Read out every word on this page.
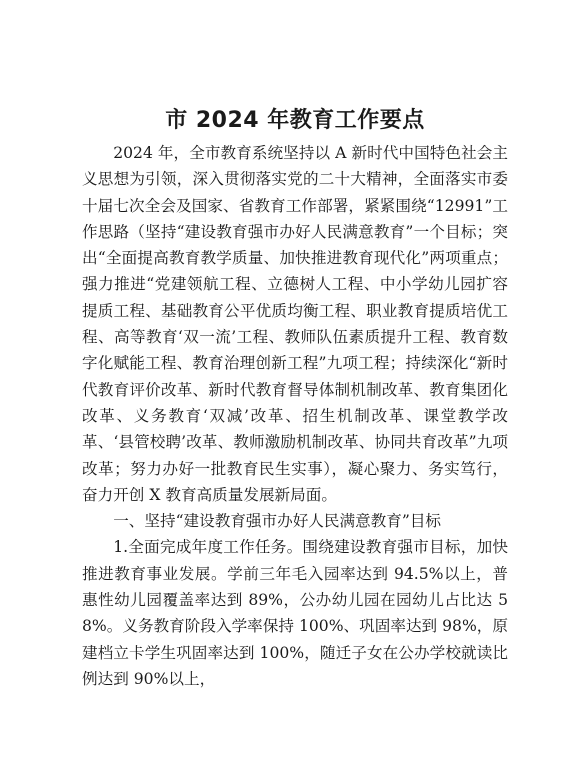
市 2024 年教育工作要点

2024 年，全市教育系统坚持以 A 新时代中国特色社会主义思想为引领，深入贯彻落实党的二十大精神，全面落实市委十届七次全会及国家、省教育工作部署，紧紧围绕“12991”工作思路（坚持“建设教育强市办好人民满意教育”一个目标；突出“全面提高教育教学质量、加快推进教育现代化”两项重点；强力推进“党建领航工程、立德树人工程、中小学幼儿园扩容提质工程、基础教育公平优质均衡工程、职业教育提质培优工程、高等教育‘双一流’工程、教师队伍素质提升工程、教育数字化赋能工程、教育治理创新工程”九项工程；持续深化“新时代教育评价改革、新时代教育督导体制机制改革、教育集团化改革、义务教育‘双减’改革、招生机制改革、课堂教学改革、‘县管校聘’改革、教师激励机制改革、协同共育改革”九项改革；努力办好一批教育民生实事），凝心聚力、务实笃行，奋力开创 X 教育高质量发展新局面。

一、坚持“建设教育强市办好人民满意教育”目标

1.全面完成年度工作任务。围绕建设教育强市目标，加快推进教育事业发展。学前三年毛入园率达到 94.5%以上，普惠性幼儿园覆盖率达到 89%，公办幼儿园在园幼儿占比达 58%。义务教育阶段入学率保持 100%、巩固率达到 98%，原建档立卡学生巩固率达到 100%，随迁子女在公办学校就读比例达到 90%以上，
